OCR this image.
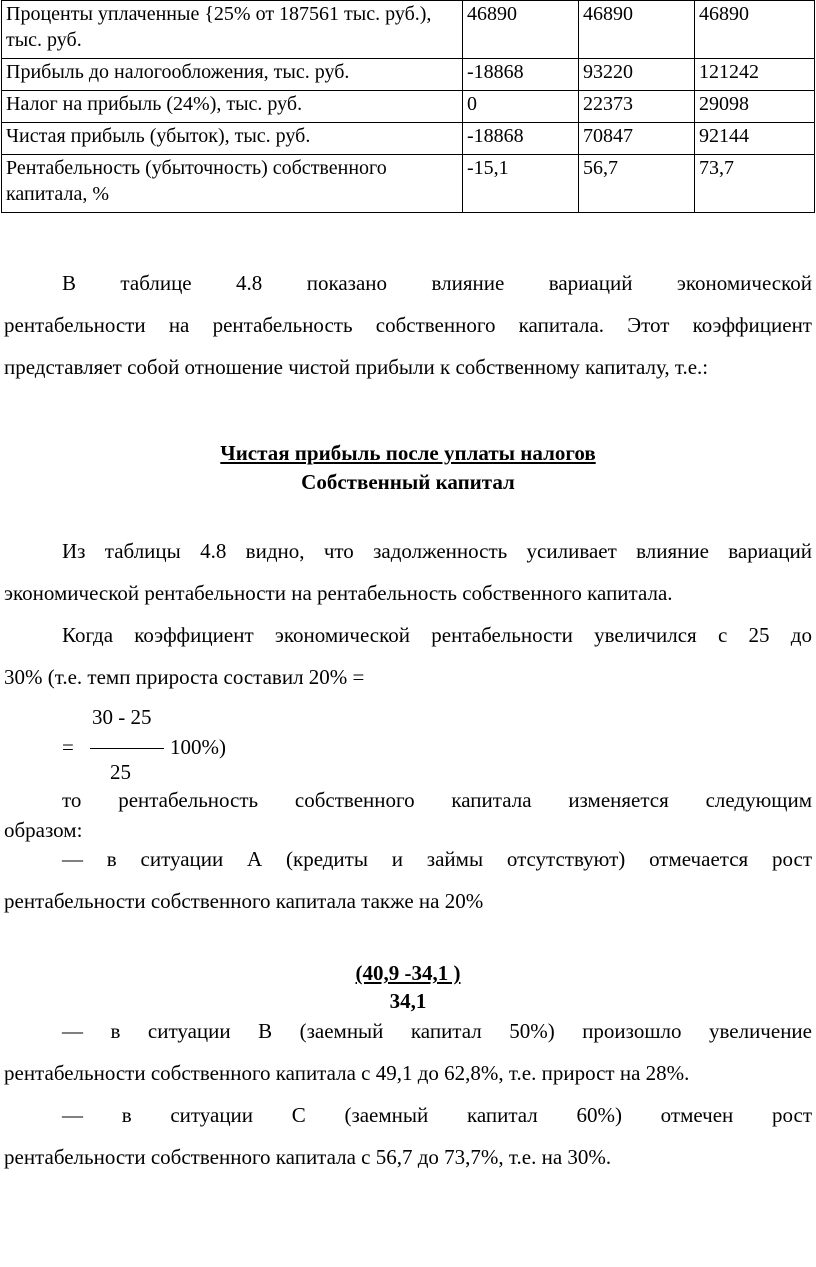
Проценты уплаченные {25% от 187561 тыс. руб.), тыс. руб.	46890	46890	46890
Прибыль до налогообложения, тыс. руб.	-18868	93220	121242
Налог на прибыль (24%), тыс. руб.	0	22373	29098
Чистая прибыль (убыток), тыс. руб.	-18868	70847	92144
Рентабельность (убыточность) собственного капитала, %	-15,1	56,7	73,7
В таблице 4.8 показано влияние вариаций экономической
рентабельности на рентабельность собственного капитала. Этот коэффициент
представляет собой отношение чистой прибыли к собственному капиталу, т.е.:
Чистая прибыль после уплаты налогов
Собственный капитал
Из таблицы 4.8 видно, что задолженность усиливает влияние вариаций
экономической рентабельности на рентабельность собственного капитала.
Когда коэффициент экономической рентабельности увеличился с 25 до
30% (т.е. темп прироста составил 20% =
30 - 25
=	100%)
25
то рентабельность собственного капитала изменяется следующим
образом:
— в ситуации А (кредиты и займы отсутствуют) отмечается рост
рентабельности собственного капитала также на 20%
(40,9 -34,1 )
34,1
— в ситуации В (заемный капитал 50%) произошло увеличение
рентабельности собственного капитала с 49,1 до 62,8%, т.е. прирост на 28%.
— в ситуации С (заемный капитал 60%) отмечен рост
рентабельности собственного капитала с 56,7 до 73,7%, т.е. на 30%.
